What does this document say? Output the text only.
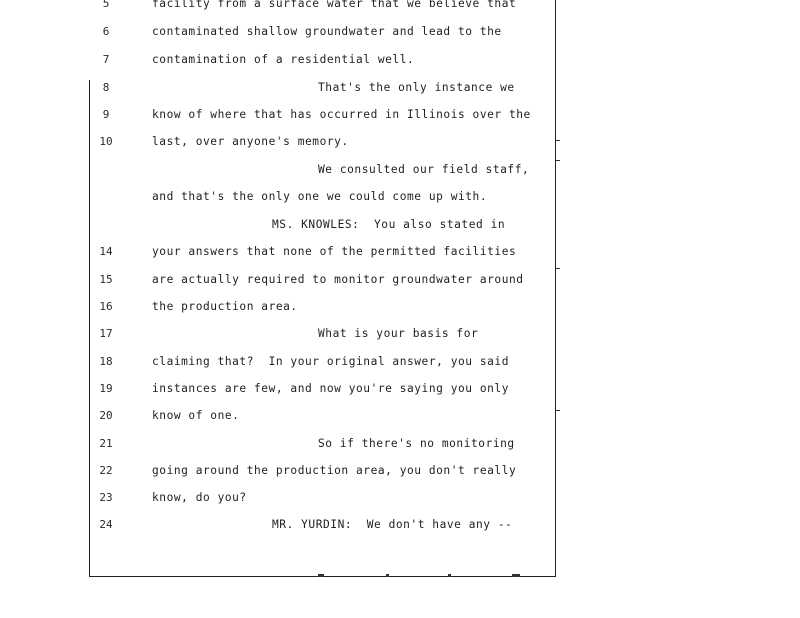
5	facility from a surface water that we believe that
6	contaminated shallow groundwater and lead to the
7	contamination of a residential well.
8	That's the only instance we
9	know of where that has occurred in Illinois over the
10	last, over anyone's memory.
We consulted our field staff,
and that's the only one we could come up with.
MS. KNOWLES:  You also stated in
14	your answers that none of the permitted facilities
15	are actually required to monitor groundwater around
16	the production area.
17	What is your basis for
18	claiming that?  In your original answer, you said
19	instances are few, and now you're saying you only
20	know of one.
21	So if there's no monitoring
22	going around the production area, you don't really
23	know, do you?
24	MR. YURDIN:  We don't have any --
